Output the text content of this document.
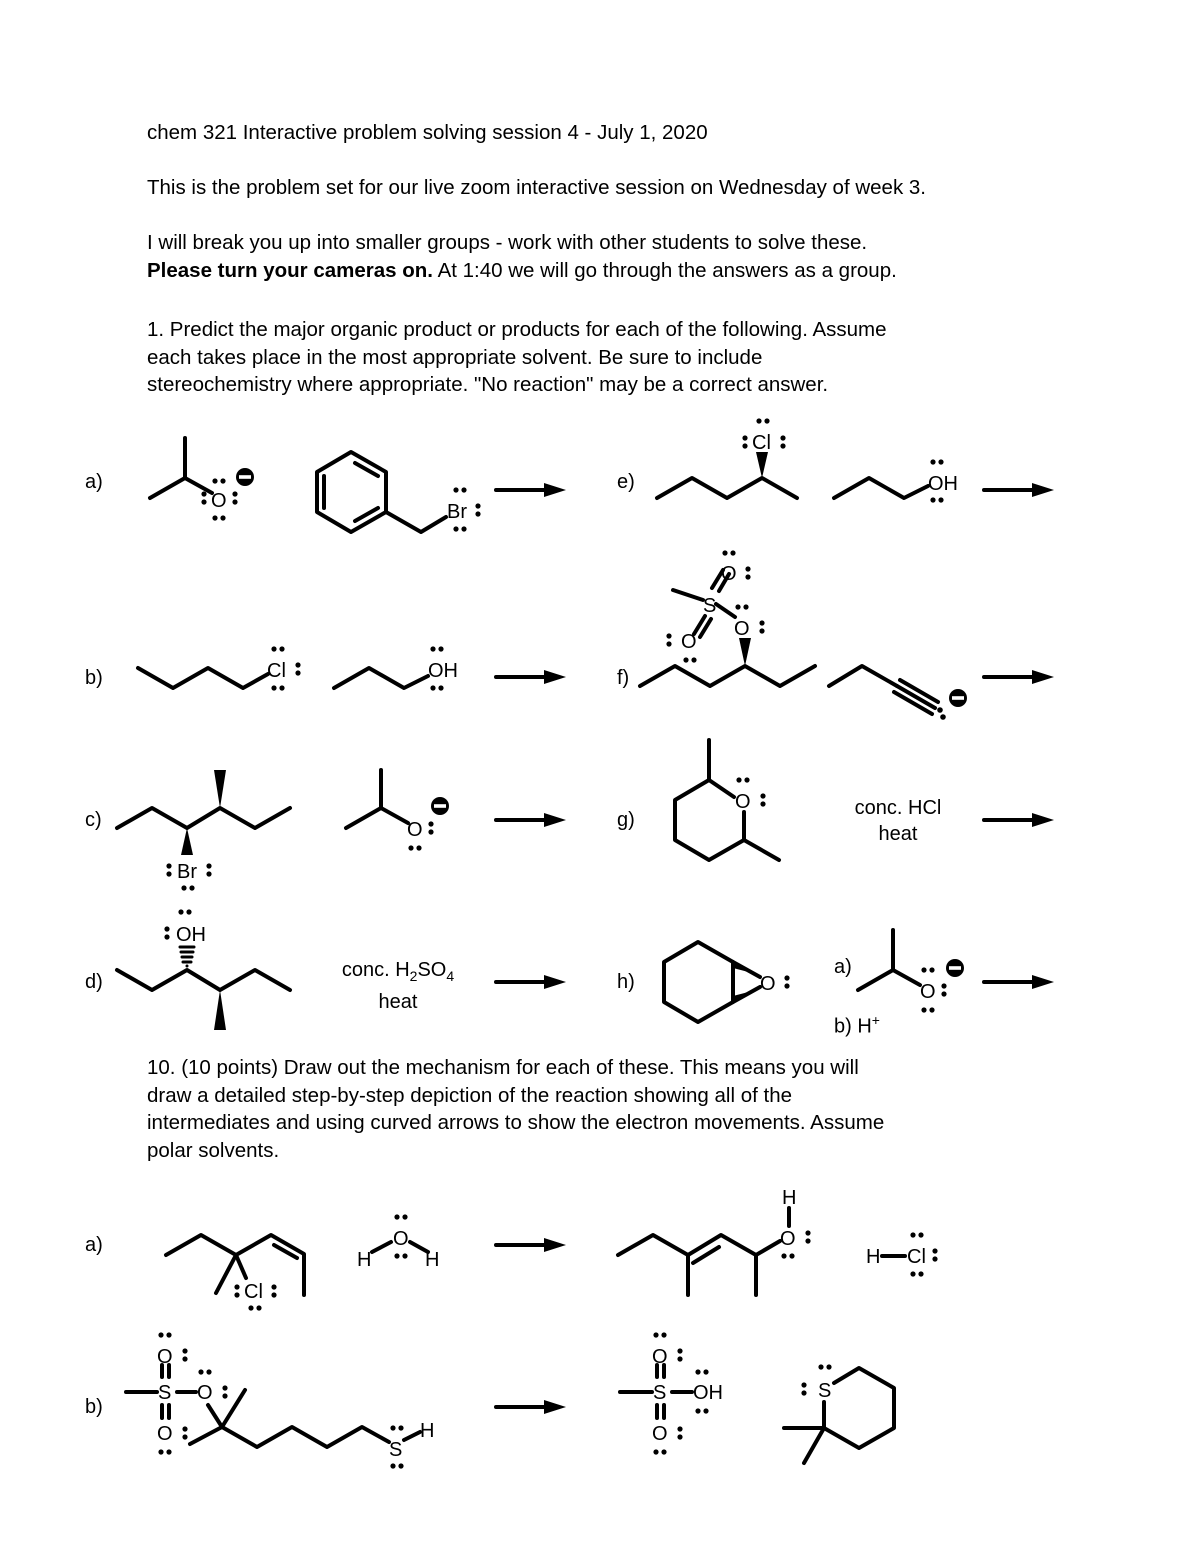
chem 321 Interactive problem solving session 4 - July 1, 2020
This is the problem set for our live zoom interactive session on Wednesday of week 3.
I will break you up into smaller groups - work with other students to solve these.
Please turn your cameras on. At 1:40 we will go through the answers as a group.
1. Predict the major organic product or products for each of the following. Assume
each takes place in the most appropriate solvent. Be sure to include
stereochemistry where appropriate. "No reaction" may be a correct answer.
10. (10 points) Draw out the mechanism for each of these. This means you will
draw a detailed step-by-step depiction of the reaction showing all of the
intermediates and using curved arrows to show the electron movements. Assume
polar solvents.
a)
b)
c)
d)
e)
f)
g)
h)
a)
b)
conc. $H_2SO_4$
heat
conc. HCl
heat
a)
b) H+
O	Br
Cl
OH
Cl	OH
O
S
O
O
Br
O
O
OH
O	O
Cl
O
H	H
O
H
H Cl
S
O
O
O
S
H
S
O
O
OH	S
